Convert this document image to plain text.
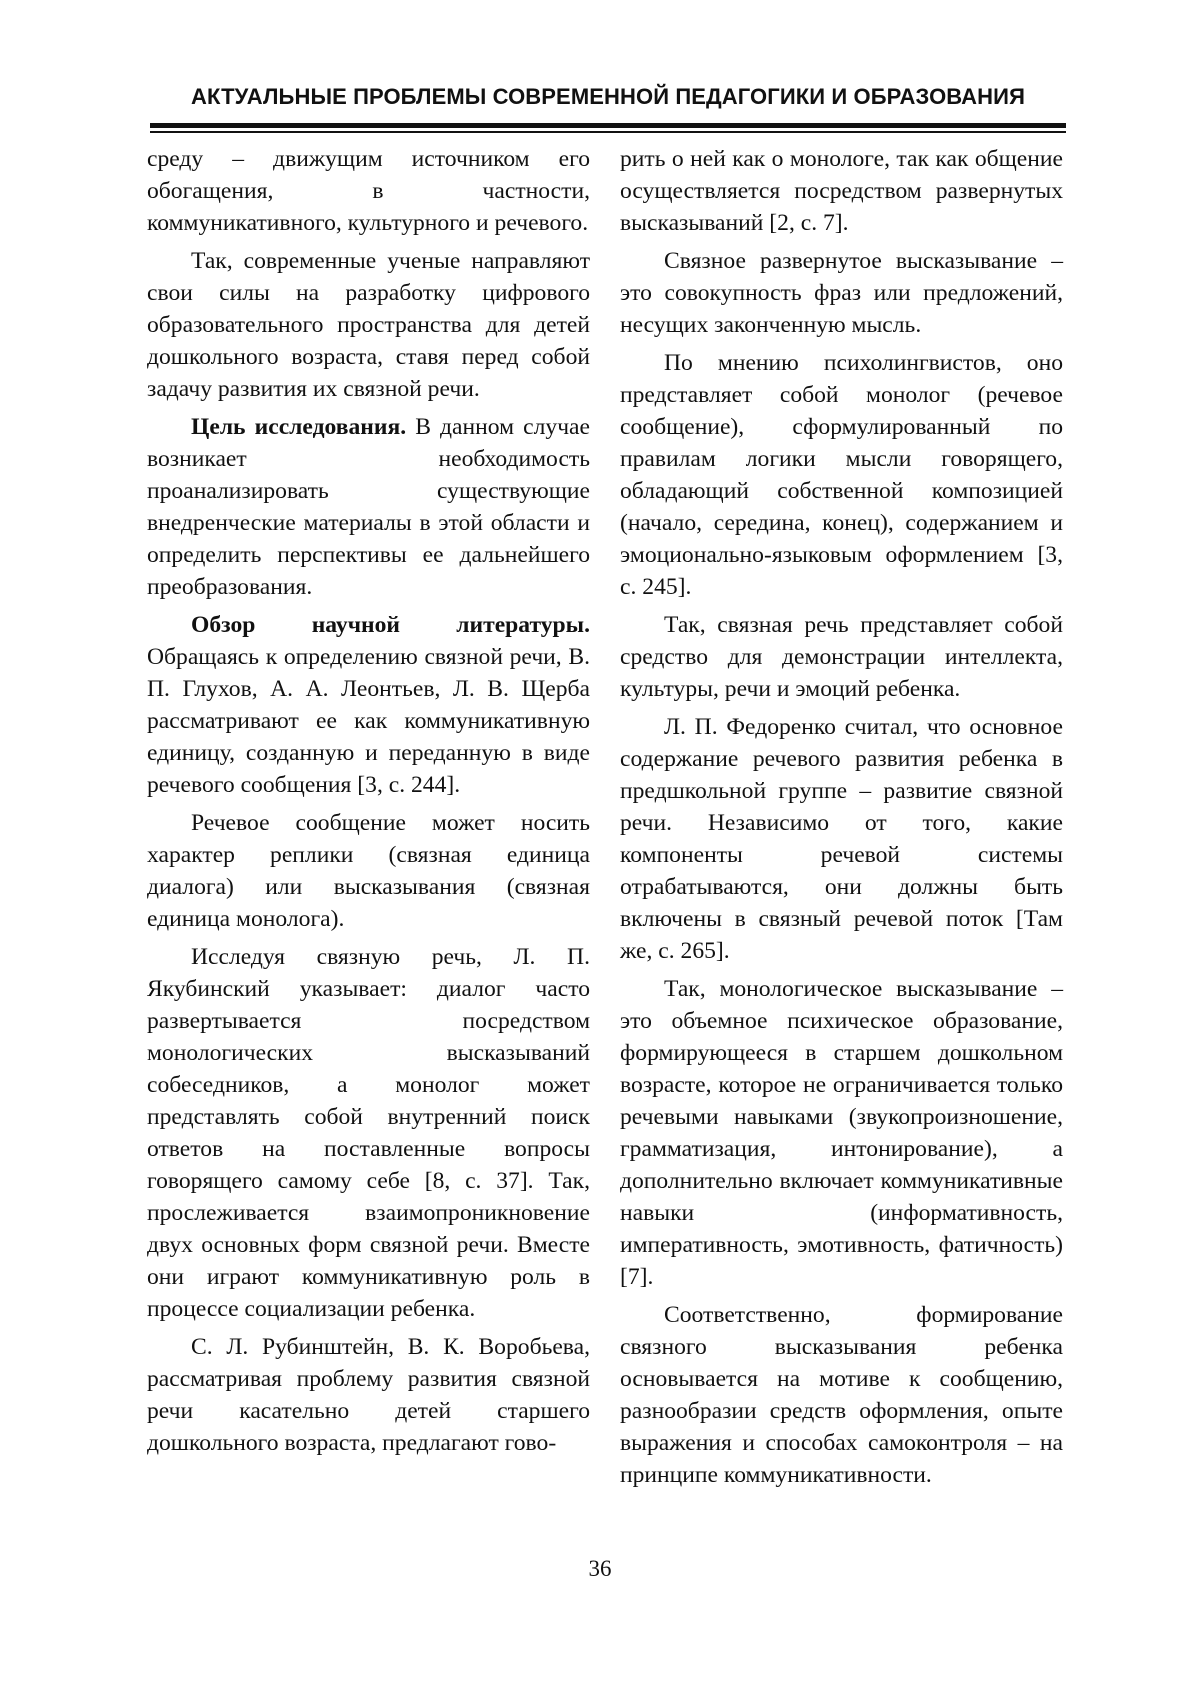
АКТУАЛЬНЫЕ ПРОБЛЕМЫ СОВРЕМЕННОЙ ПЕДАГОГИКИ И ОБРАЗОВАНИЯ

среду – движущим источником его обогащения, в частности, коммуникативного, культурного и речевого.

Так, современные ученые направляют свои силы на разработку цифрового образовательного пространства для детей дошкольного возраста, ставя перед собой задачу развития их связной речи.

Цель исследования. В данном случае возникает необходимость проанализировать существующие внедренческие материалы в этой области и определить перспективы ее дальнейшего преобразования.

Обзор научной литературы. Обращаясь к определению связной речи, В. П. Глухов, А. А. Леонтьев, Л. В. Щерба рассматривают ее как коммуникативную единицу, созданную и переданную в виде речевого сообщения [3, с. 244].

Речевое сообщение может носить характер реплики (связная единица диалога) или высказывания (связная единица монолога).

Исследуя связную речь, Л. П. Якубинский указывает: диалог часто развертывается посредством монологических высказываний собеседников, а монолог может представлять собой внутренний поиск ответов на поставленные вопросы говорящего самому себе [8, с. 37]. Так, прослеживается взаимопроникновение двух основных форм связной речи. Вместе они играют коммуникативную роль в процессе социализации ребенка.

С. Л. Рубинштейн, В. К. Воробьева, рассматривая проблему развития связной речи касательно детей старшего дошкольного возраста, предлагают гово-

рить о ней как о монологе, так как общение осуществляется посредством развернутых высказываний [2, с. 7].

Связное развернутое высказывание – это совокупность фраз или предложений, несущих законченную мысль.

По мнению психолингвистов, оно представляет собой монолог (речевое сообщение), сформулированный по правилам логики мысли говорящего, обладающий собственной композицией (начало, середина, конец), содержанием и эмоционально-языковым оформлением [3, с. 245].

Так, связная речь представляет собой средство для демонстрации интеллекта, культуры, речи и эмоций ребенка.

Л. П. Федоренко считал, что основное содержание речевого развития ребенка в предшкольной группе – развитие связной речи. Независимо от того, какие компоненты речевой системы отрабатываются, они должны быть включены в связный речевой поток [Там же, с. 265].

Так, монологическое высказывание – это объемное психическое образование, формирующееся в старшем дошкольном возрасте, которое не ограничивается только речевыми навыками (звукопроизношение, грамматизация, интонирование), а дополнительно включает коммуникативные навыки (информативность, императивность, эмотивность, фатичность) [7].

Соответственно, формирование связного высказывания ребенка основывается на мотиве к сообщению, разнообразии средств оформления, опыте выражения и способах самоконтроля – на принципе коммуникативности.

36
